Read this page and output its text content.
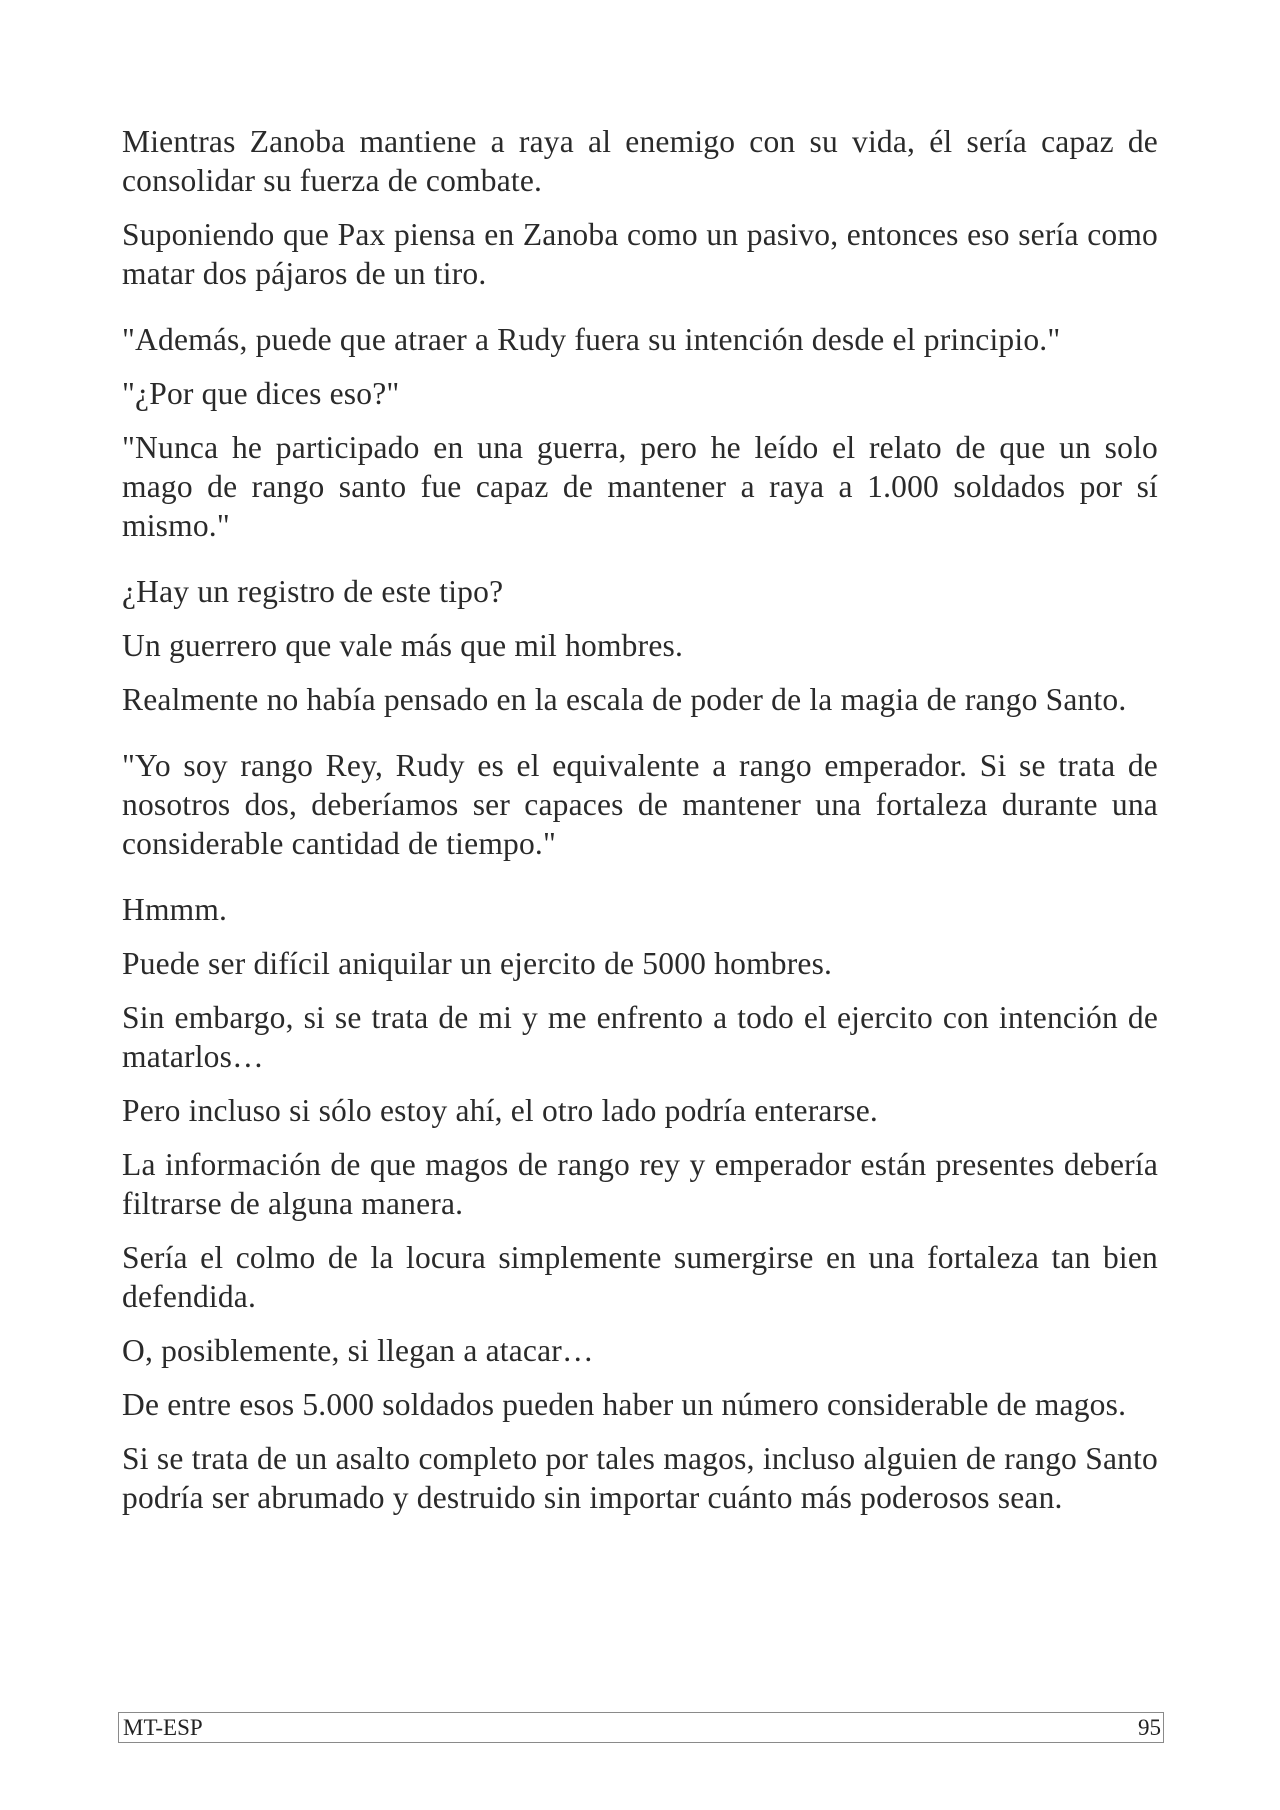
Mientras Zanoba mantiene a raya al enemigo con su vida, él sería capaz de consolidar su fuerza de combate.

Suponiendo que Pax piensa en Zanoba como un pasivo, entonces eso sería como matar dos pájaros de un tiro.

"Además, puede que atraer a Rudy fuera su intención desde el principio."

"¿Por que dices eso?"

"Nunca he participado en una guerra, pero he leído el relato de que un solo mago de rango santo fue capaz de mantener a raya a 1.000 soldados por sí mismo."

¿Hay un registro de este tipo?

Un guerrero que vale más que mil hombres.

Realmente no había pensado en la escala de poder de la magia de rango Santo.

"Yo soy rango Rey, Rudy es el equivalente a rango emperador. Si se trata de nosotros dos, deberíamos ser capaces de mantener una fortaleza durante una considerable cantidad de tiempo."

Hmmm.

Puede ser difícil aniquilar un ejercito de 5000 hombres.

Sin embargo, si se trata de mi y me enfrento a todo el ejercito con intención de matarlos…

Pero incluso si sólo estoy ahí, el otro lado podría enterarse.

La información de que magos de rango rey y emperador están presentes debería filtrarse de alguna manera.

Sería el colmo de la locura simplemente sumergirse en una fortaleza tan bien defendida.

O, posiblemente, si llegan a atacar…

De entre esos 5.000 soldados pueden haber un número considerable de magos.

Si se trata de un asalto completo por tales magos, incluso alguien de rango Santo podría ser abrumado y destruido sin importar cuánto más poderosos sean.

MT-ESP	95
